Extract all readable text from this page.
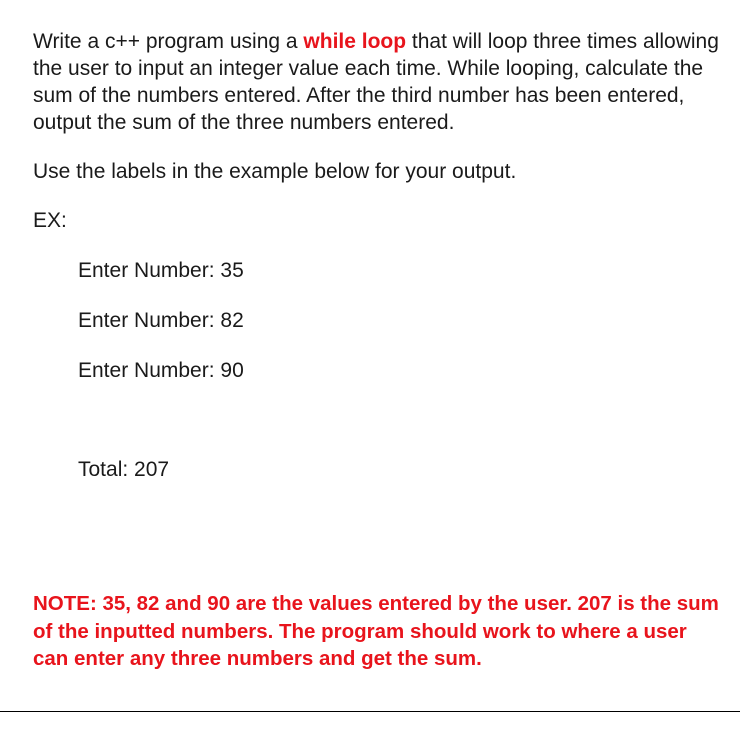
Write a c++ program using a while loop that will loop three times allowing the user to input an integer value each time. While looping, calculate the sum of the numbers entered. After the third number has been entered, output the sum of the three numbers entered.

Use the labels in the example below for your output.

EX:

Enter Number: 35

Enter Number: 82

Enter Number: 90

Total: 207

NOTE: 35, 82 and 90 are the values entered by the user. 207 is the sum of the inputted numbers. The program should work to where a user can enter any three numbers and get the sum.
